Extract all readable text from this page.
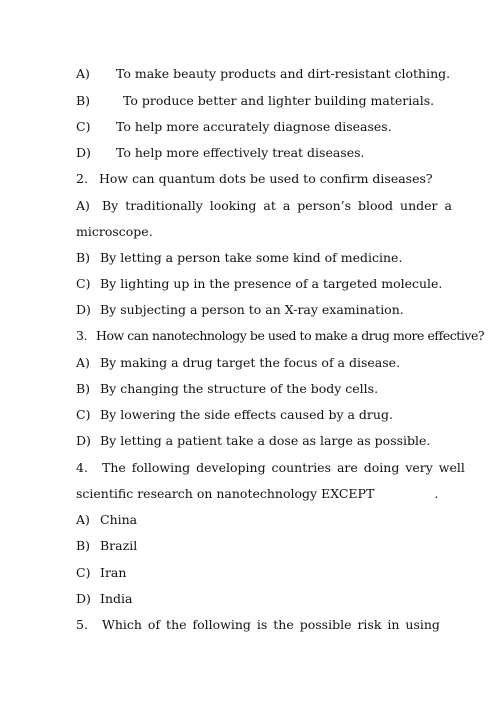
A) To make beauty products and dirt-resistant clothing.
B)	To produce better and lighter building materials.
C) To help more accurately diagnose diseases.
D) To help more effectively treat diseases.
2. How can quantum dots be used to confirm diseases?
A) By traditionally looking at a person’s blood under a
microscope.
B) By letting a person take some kind of medicine.
C) By lighting up in the presence of a targeted molecule.
D) By subjecting a person to an X-ray examination.
3. How can nanotechnology be used to make a drug more effective?
A) By making a drug target the focus of a disease.
B) By changing the structure of the body cells.
C) By lowering the side effects caused by a drug.
D) By letting a patient take a dose as large as possible.
4. The following developing countries are doing very well
scientific research on nanotechnology EXCEPT	.
A) China
B) Brazil
C) Iran
D) India
5. Which of the following is the possible risk in using
